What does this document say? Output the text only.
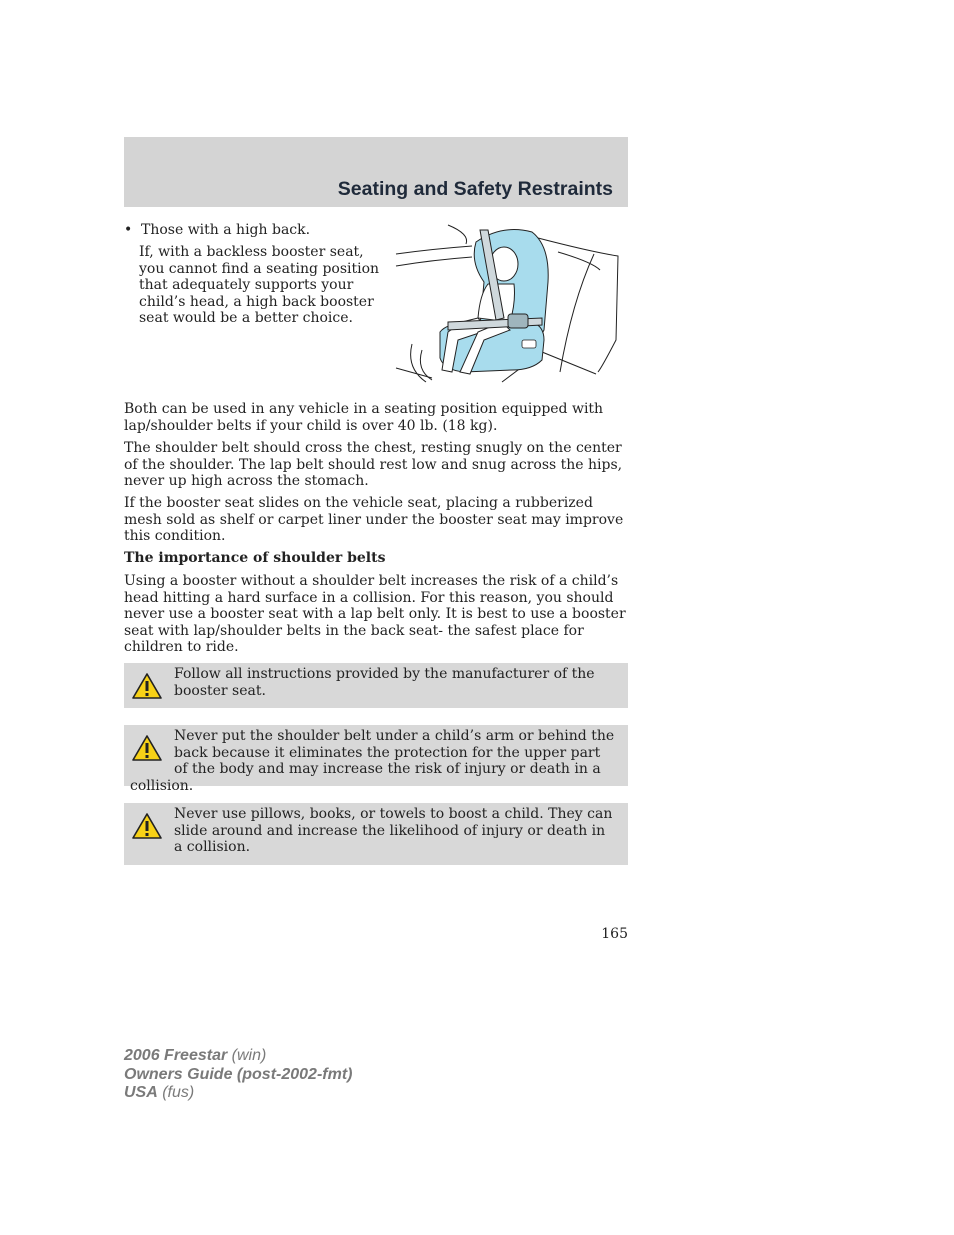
Seating and Safety Restraints
• Those with a high back.
If, with a backless booster seat, you cannot find a seating position that adequately supports your child’s head, a high back booster seat would be a better choice.

Both can be used in any vehicle in a seating position equipped with lap/shoulder belts if your child is over 40 lb. (18 kg).

The shoulder belt should cross the chest, resting snugly on the center of the shoulder. The lap belt should rest low and snug across the hips, never up high across the stomach.

If the booster seat slides on the vehicle seat, placing a rubberized mesh sold as shelf or carpet liner under the booster seat may improve this condition.

The importance of shoulder belts

Using a booster without a shoulder belt increases the risk of a child’s head hitting a hard surface in a collision. For this reason, you should never use a booster seat with a lap belt only. It is best to use a booster seat with lap/shoulder belts in the back seat- the safest place for children to ride.

Follow all instructions provided by the manufacturer of the booster seat.
Never put the shoulder belt under a child’s arm or behind the back because it eliminates the protection for the upper part of the body and may increase the risk of injury or death in a collision.
Never use pillows, books, or towels to boost a child. They can slide around and increase the likelihood of injury or death in a collision.
165
2006 Freestar (win)
Owners Guide (post-2002-fmt)
USA (fus)
